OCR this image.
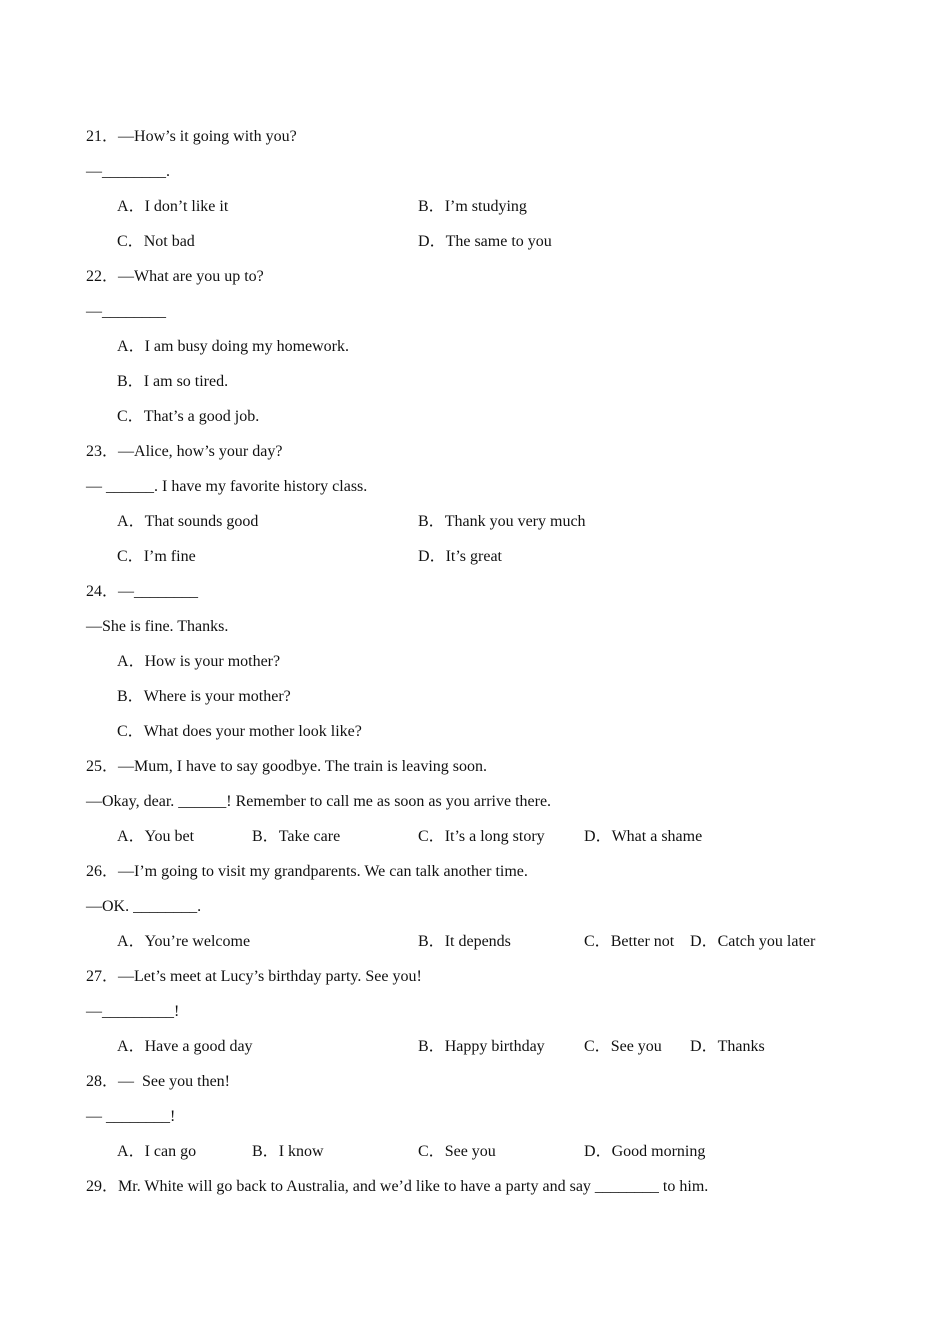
21．—How’s it going with you?
—________.
A．I don’t like it	B．I’m studying
C．Not bad	D．The same to you
22．—What are you up to?
—________
A．I am busy doing my homework.
B．I am so tired.
C．That’s a good job.
23．—Alice, how’s your day?
— ______. I have my favorite history class.
A．That sounds good	B．Thank you very much
C．I’m fine	D．It’s great
24．—________
—She is fine. Thanks.
A．How is your mother?
B．Where is your mother?
C．What does your mother look like?
25．—Mum, I have to say goodbye. The train is leaving soon.
—Okay, dear. ______! Remember to call me as soon as you arrive there.
A．You bet	B．Take care	C．It’s a long story D．What a shame
26．—I’m going to visit my grandparents. We can talk another time.
—OK. ________.
A．You’re welcome	B．It depends	C．Better not D．Catch you later
27．—Let’s meet at Lucy’s birthday party. See you!
—_________!
A．Have a good day	B．Happy birthday C．See you D．Thanks
28．—  See you then!
— ________!
A．I can go	B．I know	C．See you	D．Good morning
29．Mr. White will go back to Australia, and we’d like to have a party and say ________ to him.
